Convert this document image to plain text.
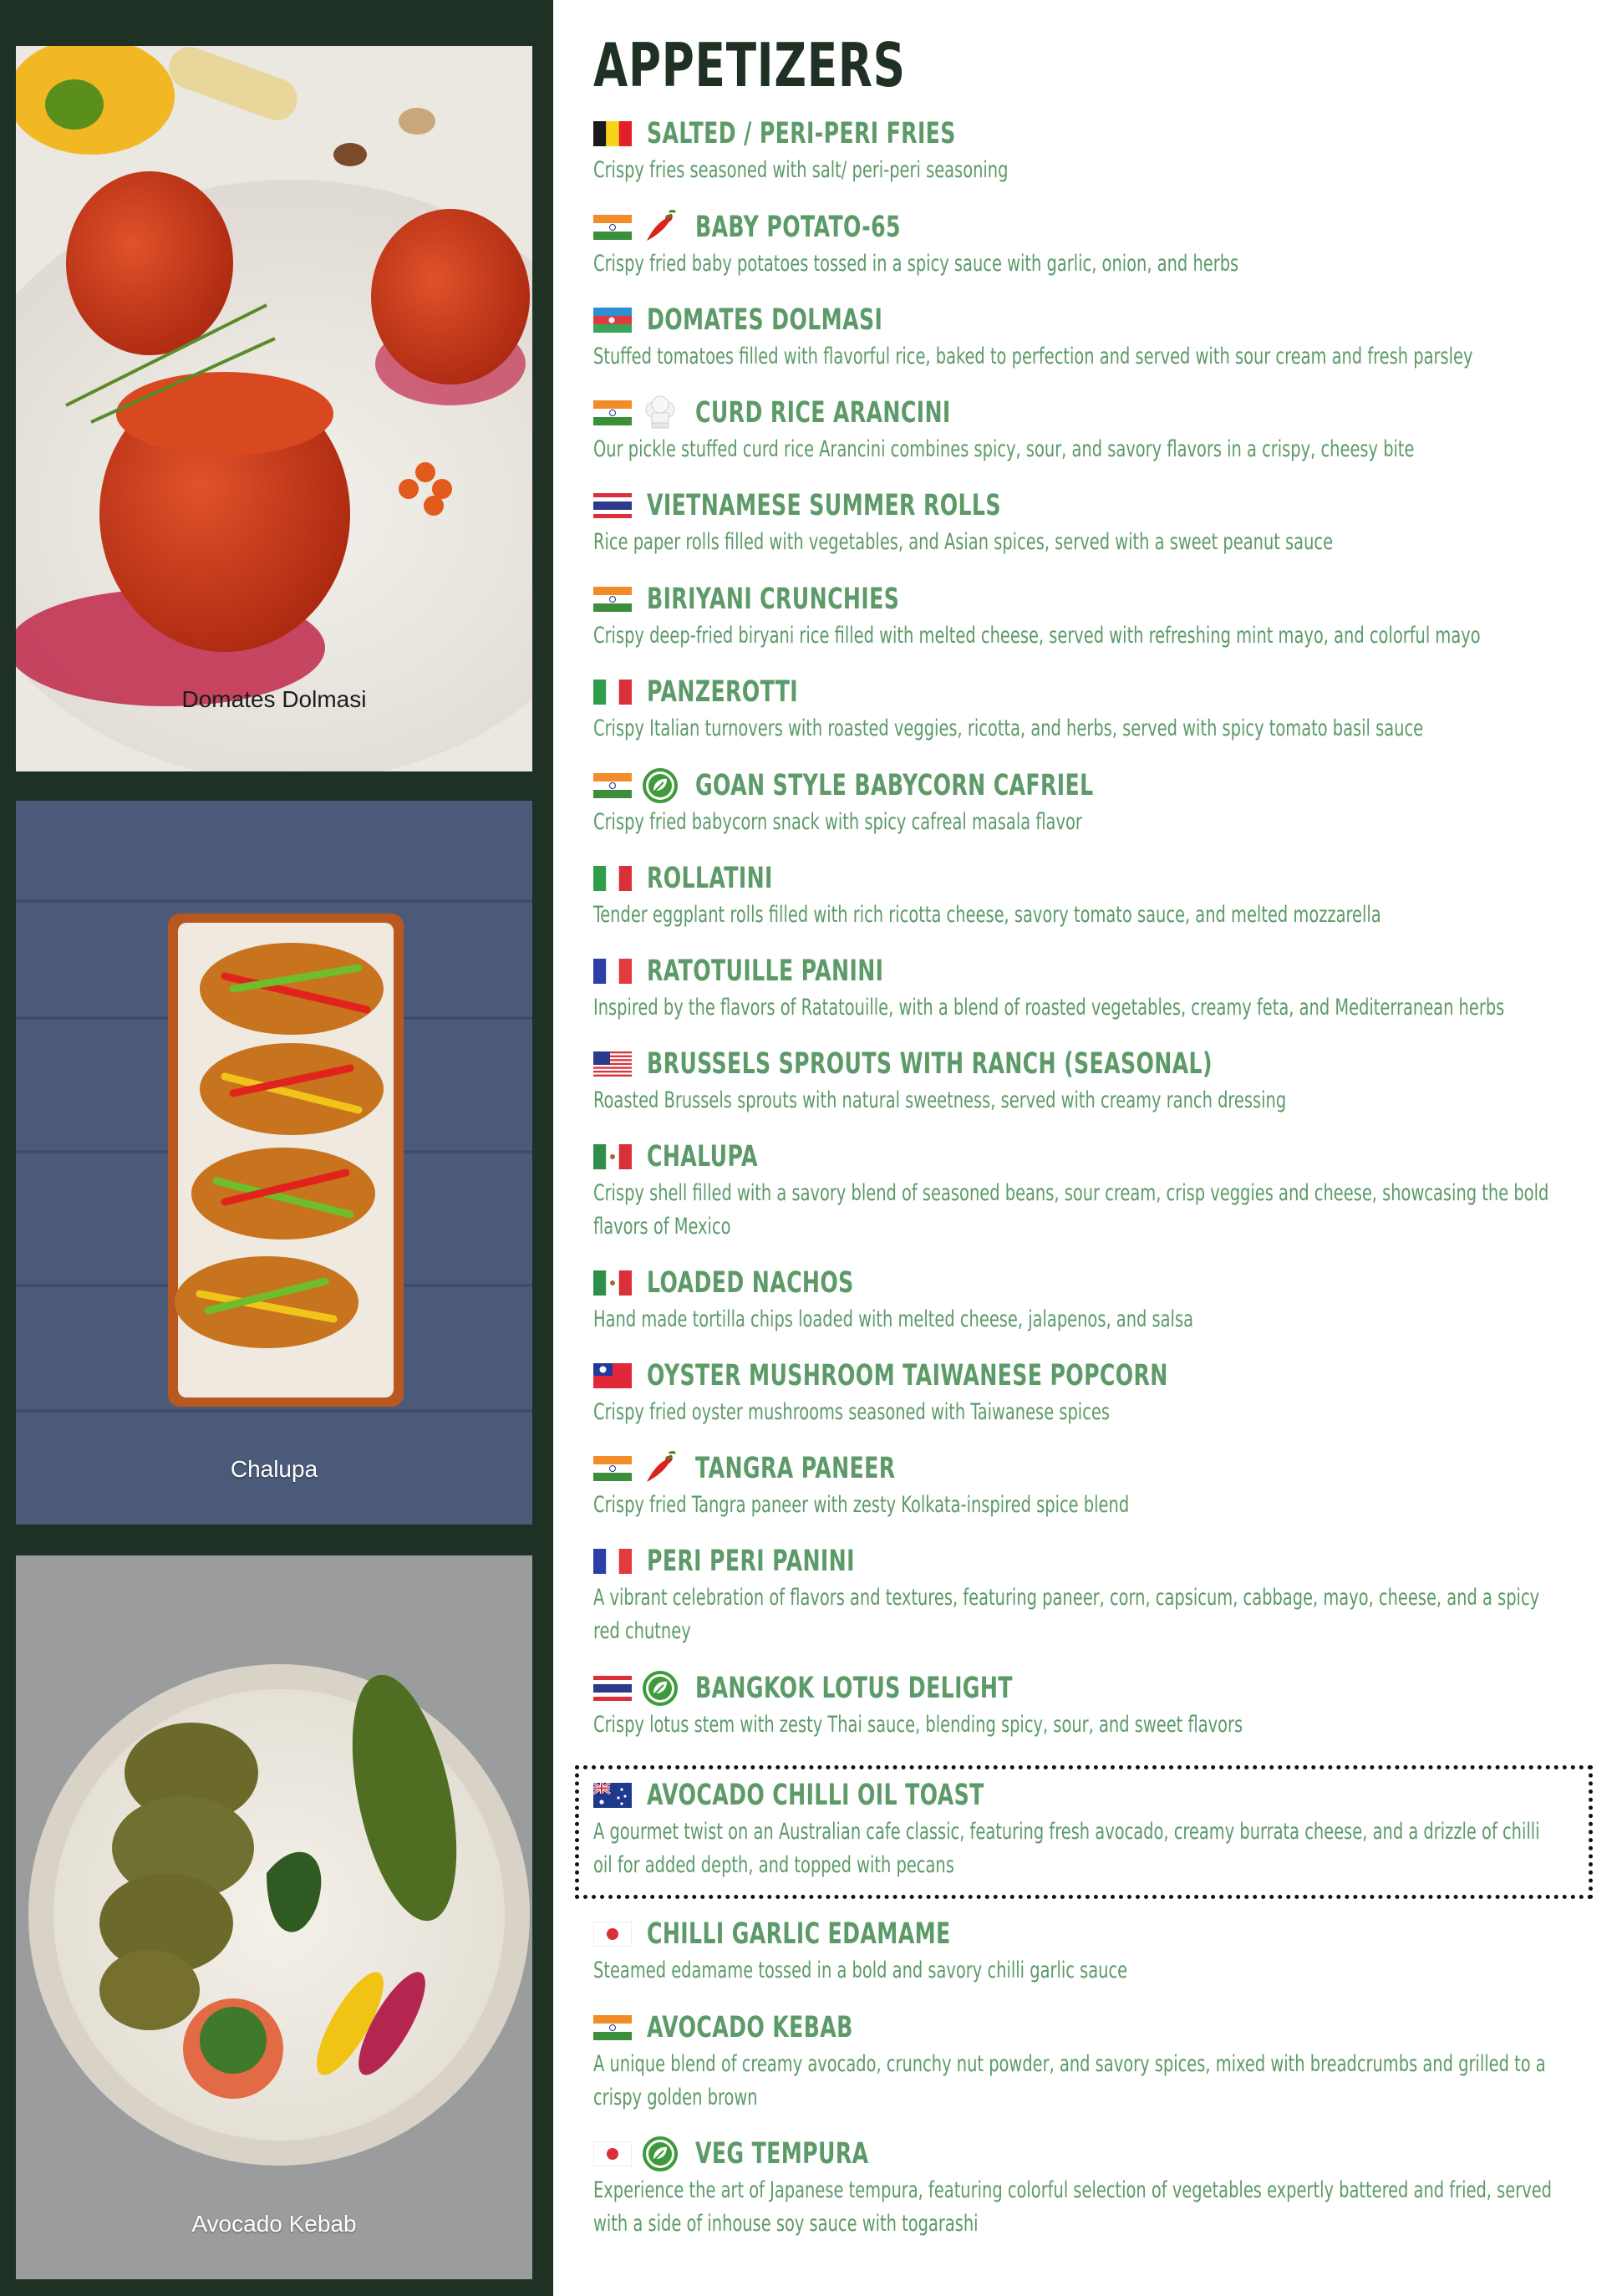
Domates Dolmasi
Chalupa
Avocado Kebab
APPETIZERS
SALTED / PERI-PERI FRIES

Crispy fries seasoned with salt/ peri-peri seasoning

BABY POTATO-65

Crispy fried baby potatoes tossed in a spicy sauce with garlic, onion, and herbs

DOMATES DOLMASI

Stuffed tomatoes filled with flavorful rice, baked to perfection and served with sour cream and fresh parsley

CURD RICE ARANCINI

Our pickle stuffed curd rice Arancini combines spicy, sour, and savory flavors in a crispy, cheesy bite

VIETNAMESE SUMMER ROLLS

Rice paper rolls filled with vegetables, and Asian spices, served with a sweet peanut sauce

BIRIYANI CRUNCHIES

Crispy deep-fried biryani rice filled with melted cheese, served with refreshing mint mayo, and colorful mayo

PANZEROTTI

Crispy Italian turnovers with roasted veggies, ricotta, and herbs, served with spicy tomato basil sauce

GOAN STYLE BABYCORN CAFRIEL

Crispy fried babycorn snack with spicy cafreal masala flavor

ROLLATINI

Tender eggplant rolls filled with rich ricotta cheese, savory tomato sauce, and melted mozzarella

RATOTUILLE PANINI

Inspired by the flavors of Ratatouille, with a blend of roasted vegetables, creamy feta, and Mediterranean herbs

BRUSSELS SPROUTS WITH RANCH (SEASONAL)

Roasted Brussels sprouts with natural sweetness, served with creamy ranch dressing

CHALUPA

Crispy shell filled with a savory blend of seasoned beans, sour cream, crisp veggies and cheese, showcasing the bold flavors of Mexico

LOADED NACHOS

Hand made tortilla chips loaded with melted cheese, jalapenos, and salsa

OYSTER MUSHROOM TAIWANESE POPCORN

Crispy fried oyster mushrooms seasoned with Taiwanese spices

TANGRA PANEER

Crispy fried Tangra paneer with zesty Kolkata-inspired spice blend

PERI PERI PANINI

A vibrant celebration of flavors and textures, featuring paneer, corn, capsicum, cabbage, mayo, cheese, and a spicy red chutney

BANGKOK LOTUS DELIGHT

Crispy lotus stem with zesty Thai sauce, blending spicy, sour, and sweet flavors

AVOCADO CHILLI OIL TOAST

A gourmet twist on an Australian cafe classic, featuring fresh avocado, creamy burrata cheese, and a drizzle of chilli oil for added depth, and topped with pecans

CHILLI GARLIC EDAMAME

Steamed edamame tossed in a bold and savory chilli garlic sauce

AVOCADO KEBAB

A unique blend of creamy avocado, crunchy nut powder, and savory spices, mixed with breadcrumbs and grilled to a crispy golden brown

VEG TEMPURA

Experience the art of Japanese tempura, featuring colorful selection of vegetables expertly battered and fried, served with a side of inhouse soy sauce with togarashi
